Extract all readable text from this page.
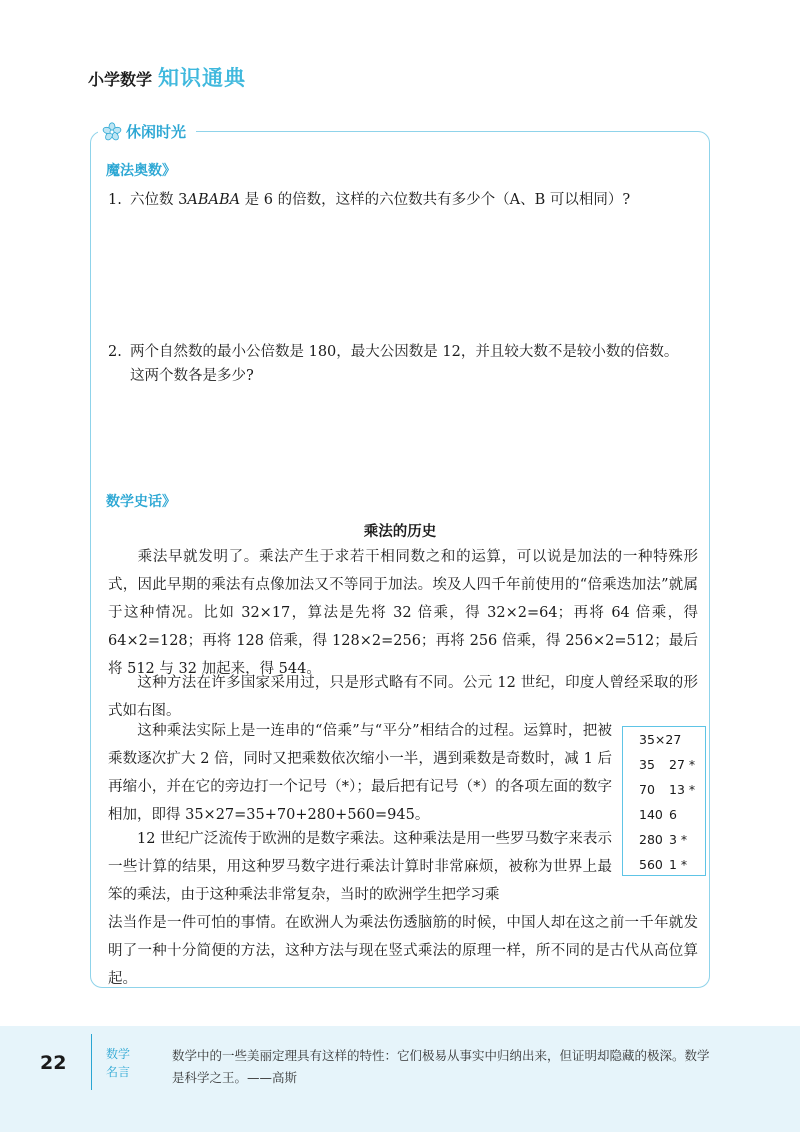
小学数学 知识通典
休闲时光
魔法奥数》
1. 六位数 3ABABA 是 6 的倍数，这样的六位数共有多少个（A、B 可以相同）?
2. 两个自然数的最小公倍数是 180，最大公因数是 12，并且较大数不是较小数的倍数。
这两个数各是多少?
数学史话》
乘法的历史
乘法早就发明了。乘法产生于求若干相同数之和的运算，可以说是加法的一种特殊形式，因此早期的乘法有点像加法又不等同于加法。埃及人四千年前使用的“倍乘迭加法”就属于这种情况。比如 32×17，算法是先将 32 倍乘，得 32×2=64；再将 64 倍乘，得 64×2=128；再将 128 倍乘，得 128×2=256；再将 256 倍乘，得 256×2=512；最后将 512 与 32 加起来，得 544。
这种方法在许多国家采用过，只是形式略有不同。公元 12 世纪，印度人曾经采取的形式如右图。
这种乘法实际上是一连串的“倍乘”与“平分”相结合的过程。运算时，把被乘数逐次扩大 2 倍，同时又把乘数依次缩小一半，遇到乘数是奇数时，减 1 后再缩小，并在它的旁边打一个记号（*）；最后把有记号（*）的各项左面的数字相加，即得 35×27=35+70+280+560=945。
12 世纪广泛流传于欧洲的是数字乘法。这种乘法是用一些罗马数字来表示一些计算的结果，用这种罗马数字进行乘法计算时非常麻烦，被称为世界上最笨的乘法，由于这种乘法非常复杂，当时的欧洲学生把学习乘
法当作是一件可怕的事情。在欧洲人为乘法伤透脑筋的时候，中国人却在这之前一千年就发明了一种十分简便的方法，这种方法与现在竖式乘法的原理一样，所不同的是古代从高位算起。
35×27
35 27 *
70 13 *
140 6
280 3 *
560 1 *
22	数学
名言
数学中的一些美丽定理具有这样的特性：它们极易从事实中归纳出来，但证明却隐藏的极深。数学是科学之王。——高斯
